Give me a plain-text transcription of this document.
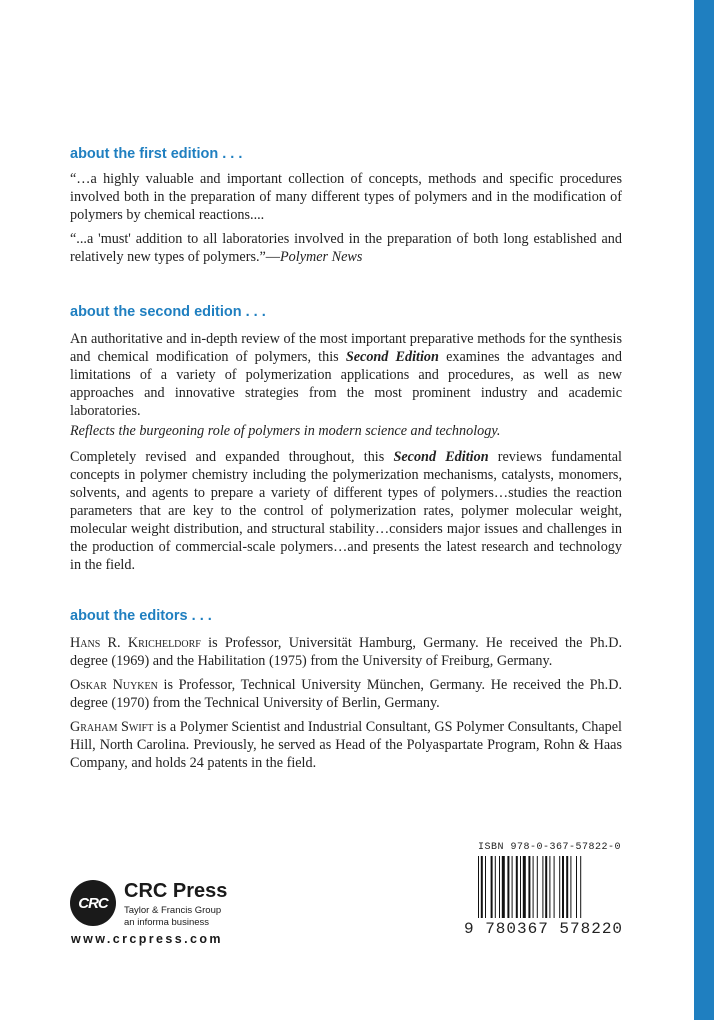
about the first edition . . .

“…a highly valuable and important collection of concepts, methods and specific procedures involved both in the preparation of many different types of polymers and in the modification of polymers by chemical reactions....

“...a 'must' addition to all laboratories involved in the preparation of both long established and relatively new types of polymers.”—Polymer News

about the second edition . . .

An authoritative and in-depth review of the most important preparative methods for the synthesis and chemical modification of polymers, this Second Edition examines the advantages and limitations of a variety of polymerization applications and procedures, as well as new approaches and innovative strategies from the most prominent industry and academic laboratories.

Reflects the burgeoning role of polymers in modern science and technology.

Completely revised and expanded throughout, this Second Edition reviews fundamental concepts in polymer chemistry including the polymerization mechanisms, catalysts, monomers, solvents, and agents to prepare a variety of different types of polymers…studies the reaction parameters that are key to the control of polymerization rates, polymer molecular weight, molecular weight distribution, and structural stability…considers major issues and challenges in the production of commercial-scale polymers…and presents the latest research and technology in the field.

about the editors . . .

Hans R. Kricheldorf is Professor, Universität Hamburg, Germany. He received the Ph.D. degree (1969) and the Habilitation (1975) from the University of Freiburg, Germany.

Oskar Nuyken is Professor, Technical University München, Germany. He received the Ph.D. degree (1970) from the Technical University of Berlin, Germany.

Graham Swift is a Polymer Scientist and Industrial Consultant, GS Polymer Consultants, Chapel Hill, North Carolina. Previously, he served as Head of the Polyaspartate Program, Rohn & Haas Company, and holds 24 patents in the field.

CRC
CRC Press
Taylor & Francis Group
an informa business
www.crcpress.com
ISBN 978-0-367-57822-0
9 780367 578220
